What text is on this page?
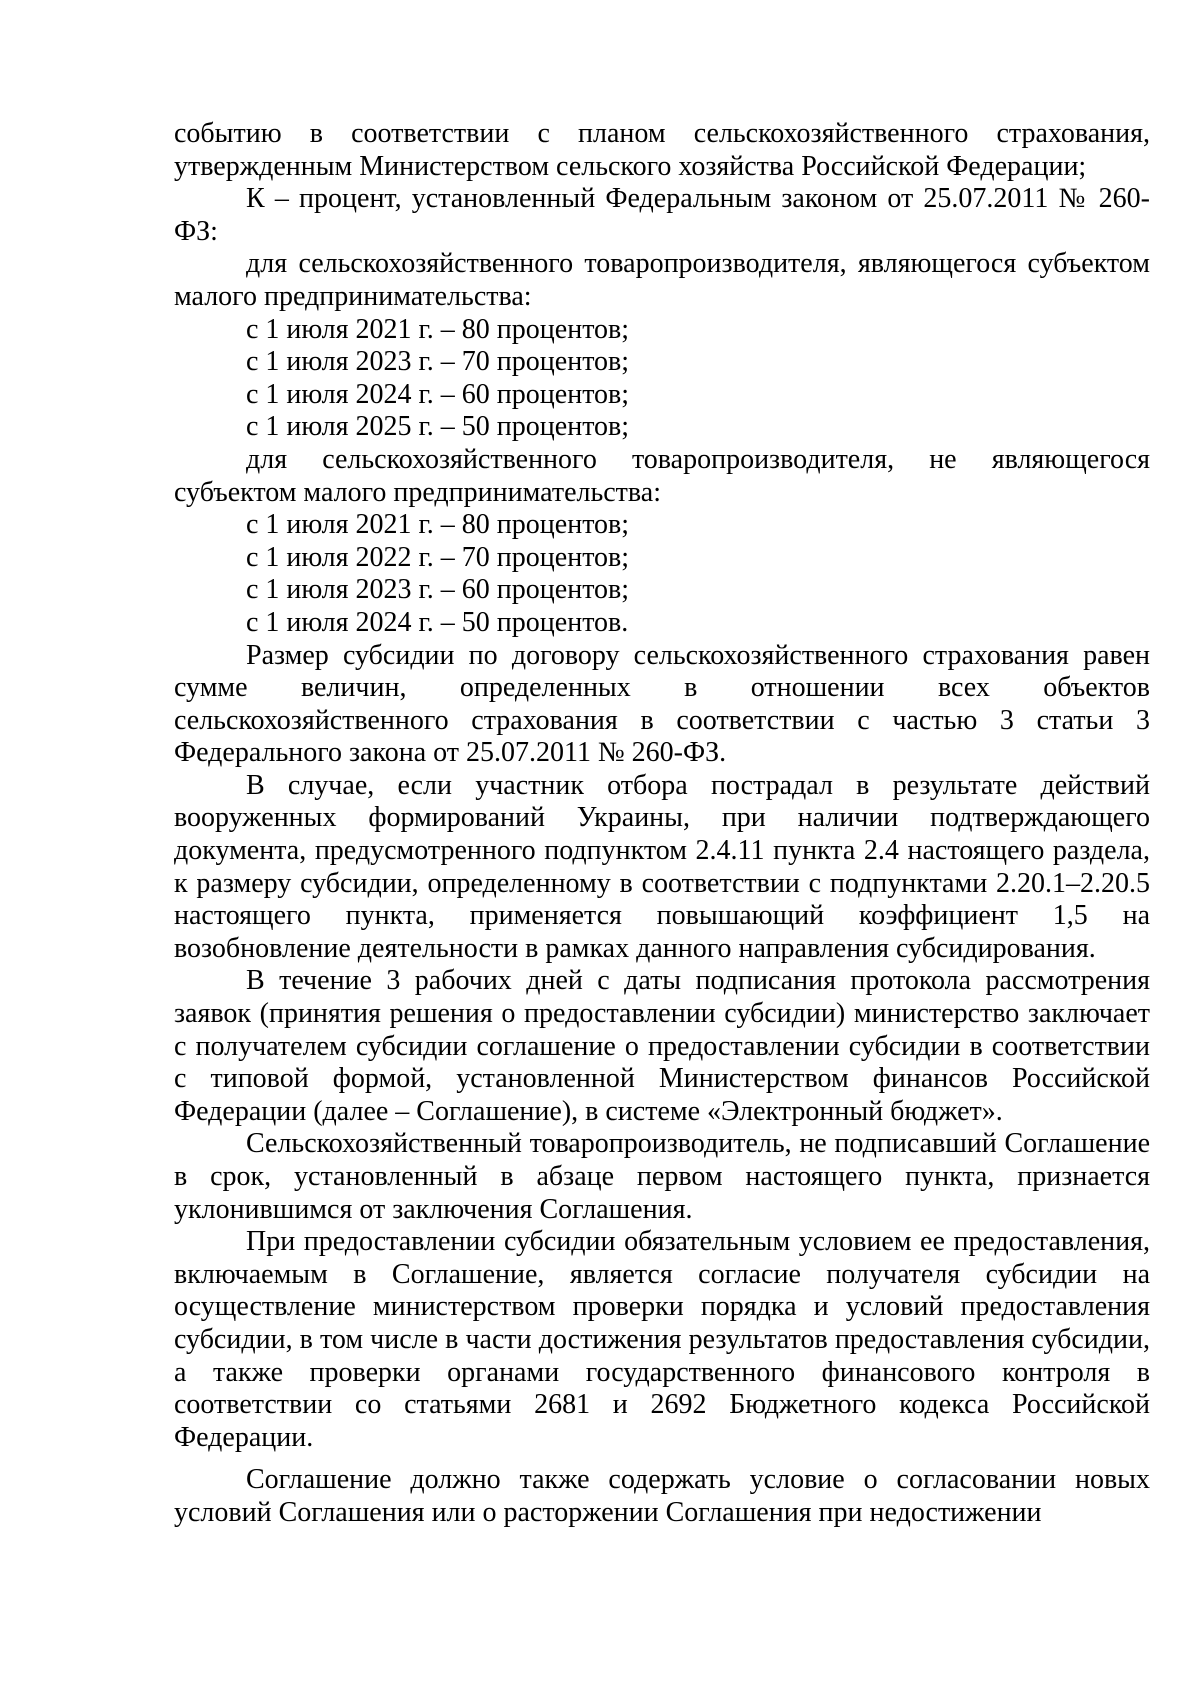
событию в соответствии с планом сельскохозяйственного страхования, утвержденным Министерством сельского хозяйства Российской Федерации;

К – процент, установленный Федеральным законом от 25.07.2011 № 260-ФЗ:

для сельскохозяйственного товаропроизводителя, являющегося субъектом малого предпринимательства:

с 1 июля 2021 г. – 80 процентов;

с 1 июля 2023 г. – 70 процентов;

с 1 июля 2024 г. – 60 процентов;

с 1 июля 2025 г. – 50 процентов;

для сельскохозяйственного товаропроизводителя, не являющегося субъектом малого предпринимательства:

с 1 июля 2021 г. – 80 процентов;

с 1 июля 2022 г. – 70 процентов;

с 1 июля 2023 г. – 60 процентов;

с 1 июля 2024 г. – 50 процентов.

Размер субсидии по договору сельскохозяйственного страхования равен сумме величин, определенных в отношении всех объектов сельскохозяйственного страхования в соответствии с частью 3 статьи 3 Федерального закона от 25.07.2011 № 260-ФЗ.

В случае, если участник отбора пострадал в результате действий вооруженных формирований Украины, при наличии подтверждающего документа, предусмотренного подпунктом 2.4.11 пункта 2.4 настоящего раздела, к размеру субсидии, определенному в соответствии с подпунктами 2.20.1–2.20.5 настоящего пункта, применяется повышающий коэффициент 1,5 на возобновление деятельности в рамках данного направления субсидирования.

В течение 3 рабочих дней с даты подписания протокола рассмотрения заявок (принятия решения о предоставлении субсидии) министерство заключает с получателем субсидии соглашение о предоставлении субсидии в соответствии с типовой формой, установленной Министерством финансов Российской Федерации (далее – Соглашение), в системе «Электронный бюджет».

Сельскохозяйственный товаропроизводитель, не подписавший Соглашение в срок, установленный в абзаце первом настоящего пункта, признается уклонившимся от заключения Соглашения.

При предоставлении субсидии обязательным условием ее предоставления, включаемым в Соглашение, является согласие получателя субсидии на осуществление министерством проверки порядка и условий предоставления субсидии, в том числе в части достижения результатов предоставления субсидии, а также проверки органами государственного финансового контроля в соответствии со статьями 2681 и 2692 Бюджетного кодекса Российской Федерации.

Соглашение должно также содержать условие о согласовании новых условий Соглашения или о расторжении Соглашения при недостижении
